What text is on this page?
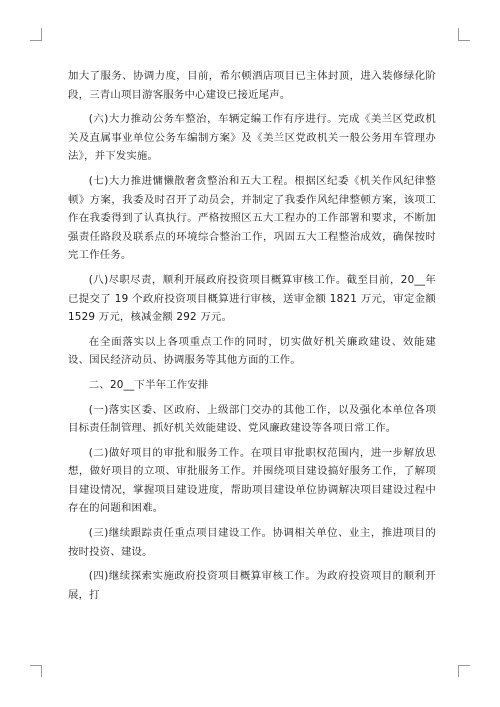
加大了服务、协调力度，目前，希尔顿酒店项目已主体封顶，进入装修绿化阶段，三青山项目游客服务中心建设已接近尾声。

(六)大力推动公务车整治，车辆定编工作有序进行。完成《美兰区党政机关及直属事业单位公务车编制方案》及《美兰区党政机关一般公务用车管理办法》，并下发实施。

(七)大力推进慵懒散奢贪整治和五大工程。根据区纪委《机关作风纪律整顿》方案，我委及时召开了动员会，并制定了我委作风纪律整顿方案，该项工作在我委得到了认真执行。严格按照区五大工程办的工作部署和要求，不断加强责任路段及联系点的环境综合整治工作，巩固五大工程整治成效，确保按时完工作任务。

(八)尽职尽责，顺利开展政府投资项目概算审核工作。截至目前，20__年已提交了 19 个政府投资项目概算进行审核，送审金额 1821 万元，审定金额 1529 万元，核减金额 292 万元。

在全面落实以上各项重点工作的同时，切实做好机关廉政建设、效能建设、国民经济动员、协调服务等其他方面的工作。

二、20__下半年工作安排

(一)落实区委、区政府、上级部门交办的其他工作，以及强化本单位各项目标责任制管理、抓好机关效能建设、党风廉政建设等各项日常工作。

(二)做好项目的审批和服务工作。在项目审批职权范围内，进一步解放思想，做好项目的立项、审批服务工作。并围绕项目建设搞好服务工作，了解项目建设情况，掌握项目建设进度，帮助项目建设单位协调解决项目建设过程中存在的问题和困难。

(三)继续跟踪责任重点项目建设工作。协调相关单位、业主，推进项目的按时投资、建设。

(四)继续探索实施政府投资项目概算审核工作。为政府投资项目的顺利开展，打
